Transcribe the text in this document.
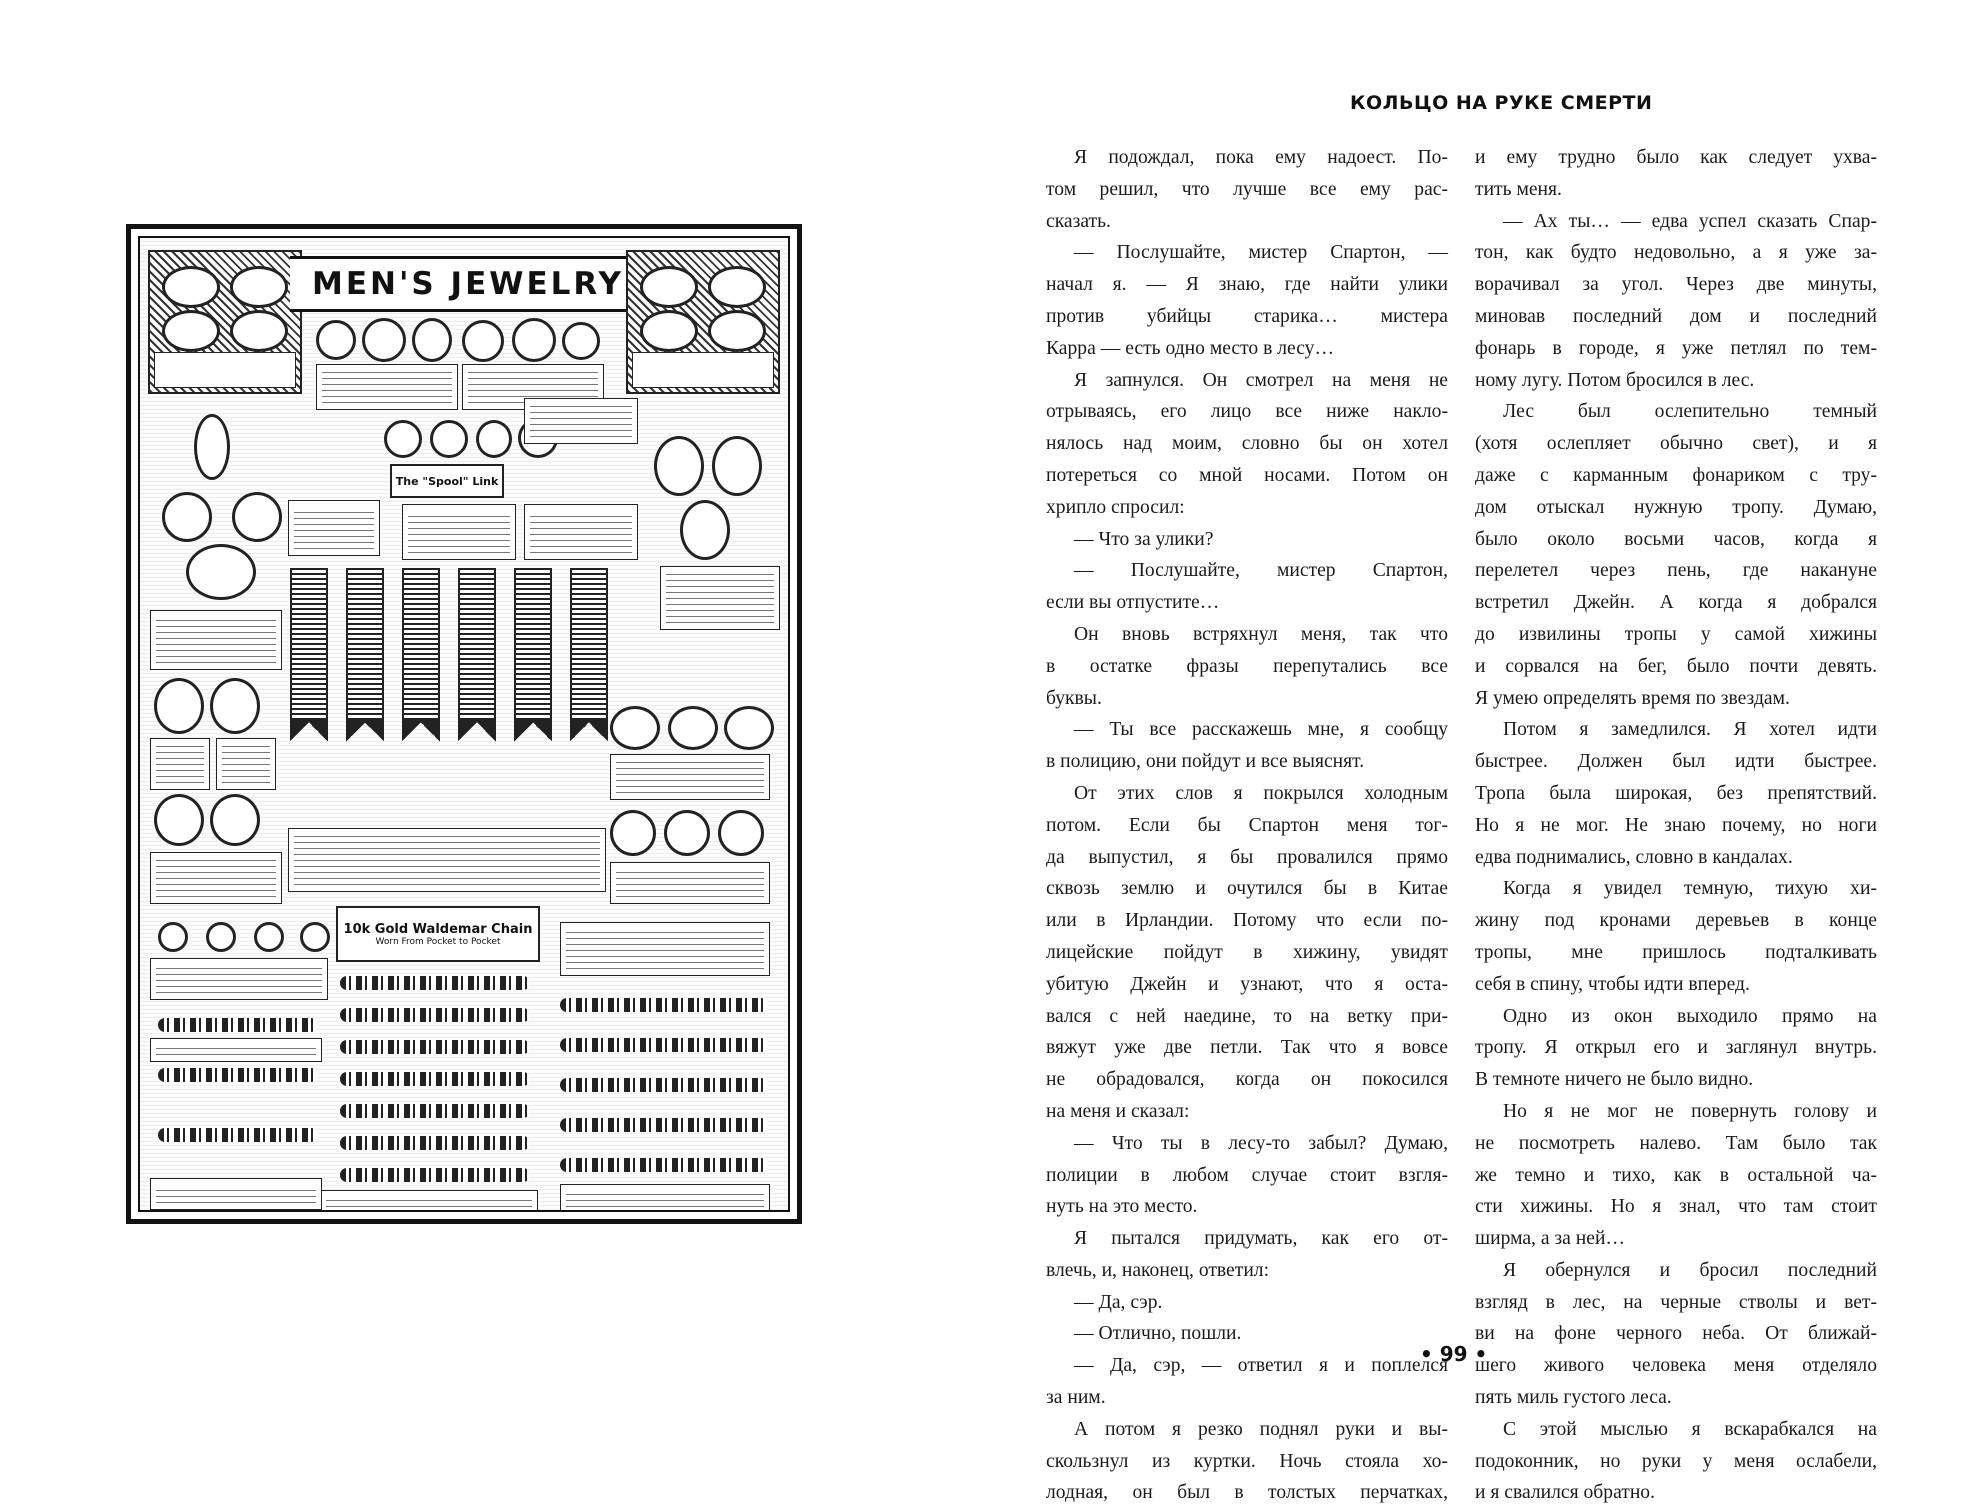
MEN'S JEWELRY
The "Spool" Link
10k Gold Waldemar Chain
Worn From Pocket to Pocket
КОЛЬЦО НА РУКЕ СМЕРТИ

Я подождал, пока ему надоест. По-

том решил, что лучше все ему рас-

сказать.

— Послушайте, мистер Спартон, —

начал я. — Я знаю, где найти улики

против убийцы старика… мистера

Карра — есть одно место в лесу…

Я запнулся. Он смотрел на меня не

отрываясь, его лицо все ниже накло-

нялось над моим, словно бы он хотел

потереться со мной носами. Потом он

хрипло спросил:

— Что за улики?

— Послушайте, мистер Спартон,

если вы отпустите…

Он вновь встряхнул меня, так что

в остатке фразы перепутались все

буквы.

— Ты все расскажешь мне, я сообщу

в полицию, они пойдут и все выяснят.

От этих слов я покрылся холодным

потом. Если бы Спартон меня тог-

да выпустил, я бы провалился прямо

сквозь землю и очутился бы в Китае

или в Ирландии. Потому что если по-

лицейские пойдут в хижину, увидят

убитую Джейн и узнают, что я оста-

вался с ней наедине, то на ветку при-

вяжут уже две петли. Так что я вовсе

не обрадовался, когда он покосился

на меня и сказал:

— Что ты в лесу-то забыл? Думаю,

полиции в любом случае стоит взгля-

нуть на это место.

Я пытался придумать, как его от-

влечь, и, наконец, ответил:

— Да, сэр.

— Отлично, пошли.

— Да, сэр, — ответил я и поплелся

за ним.

А потом я резко поднял руки и вы-

скользнул из куртки. Ночь стояла хо-

лодная, он был в толстых перчатках,

и ему трудно было как следует ухва-

тить меня.

— Ах ты… — едва успел сказать Спар-

тон, как будто недовольно, а я уже за-

ворачивал за угол. Через две минуты,

миновав последний дом и последний

фонарь в городе, я уже петлял по тем-

ному лугу. Потом бросился в лес.

Лес был ослепительно темный

(хотя ослепляет обычно свет), и я

даже с карманным фонариком с тру-

дом отыскал нужную тропу. Думаю,

было около восьми часов, когда я

перелетел через пень, где накануне

встретил Джейн. А когда я добрался

до извилины тропы у самой хижины

и сорвался на бег, было почти девять.

Я умею определять время по звездам.

Потом я замедлился. Я хотел идти

быстрее. Должен был идти быстрее.

Тропа была широкая, без препятствий.

Но я не мог. Не знаю почему, но ноги

едва поднимались, словно в кандалах.

Когда я увидел темную, тихую хи-

жину под кронами деревьев в конце

тропы, мне пришлось подталкивать

себя в спину, чтобы идти вперед.

Одно из окон выходило прямо на

тропу. Я открыл его и заглянул внутрь.

В темноте ничего не было видно.

Но я не мог не повернуть голову и

не посмотреть налево. Там было так

же темно и тихо, как в остальной ча-

сти хижины. Но я знал, что там стоит

ширма, а за ней…

Я обернулся и бросил последний

взгляд в лес, на черные стволы и вет-

ви на фоне черного неба. От ближай-

шего живого человека меня отделяло

пять миль густого леса.

С этой мыслью я вскарабкался на

подоконник, но руки у меня ослабели,

и я свалился обратно.

• 99 •
